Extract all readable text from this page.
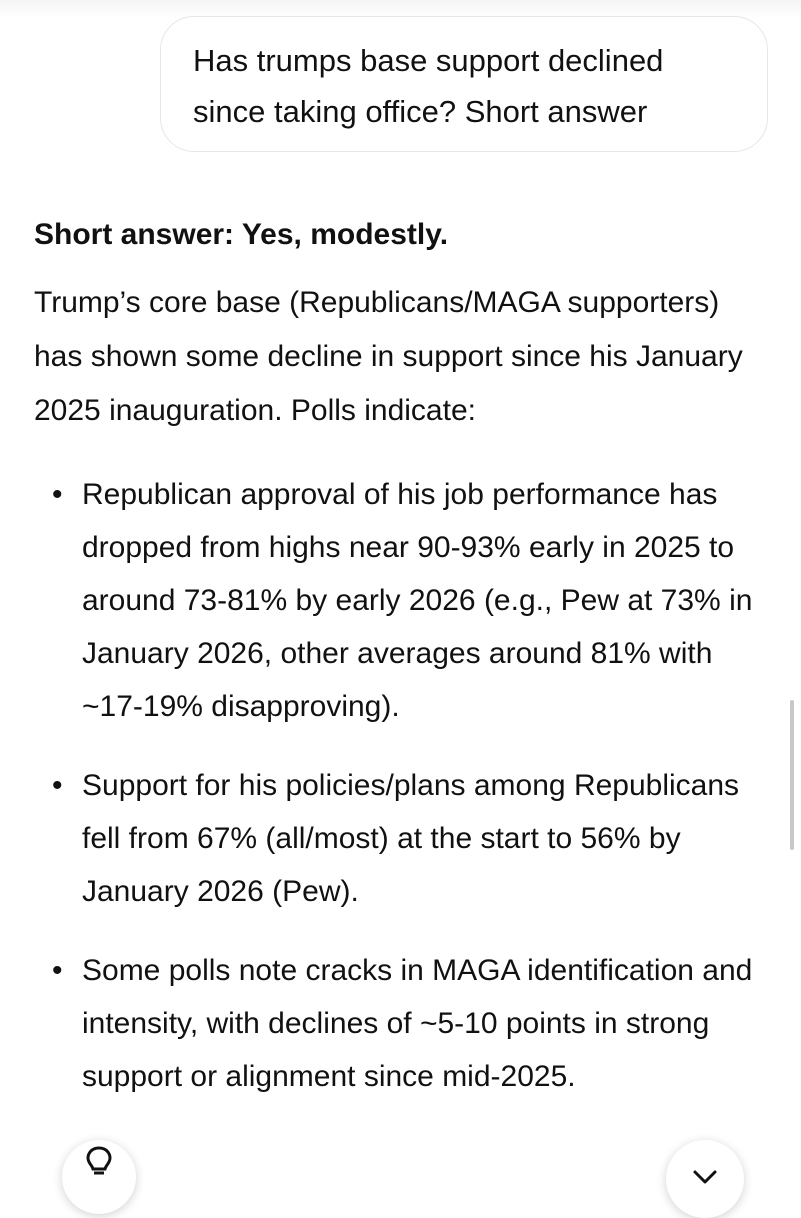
Has trumps base support declined since taking office? Short answer

Short answer: Yes, modestly.

Trump’s core base (Republicans/MAGA supporters) has shown some decline in support since his January 2025 inauguration. Polls indicate:

• Republican approval of his job performance has dropped from highs near 90-93% early in 2025 to around 73-81% by early 2026 (e.g., Pew at 73% in January 2026, other averages around 81% with ~17-19% disapproving).
• Support for his policies/plans among Republicans fell from 67% (all/most) at the start to 56% by January 2026 (Pew).
• Some polls note cracks in MAGA identification and intensity, with declines of ~5-10 points in strong support or alignment since mid-2025.
